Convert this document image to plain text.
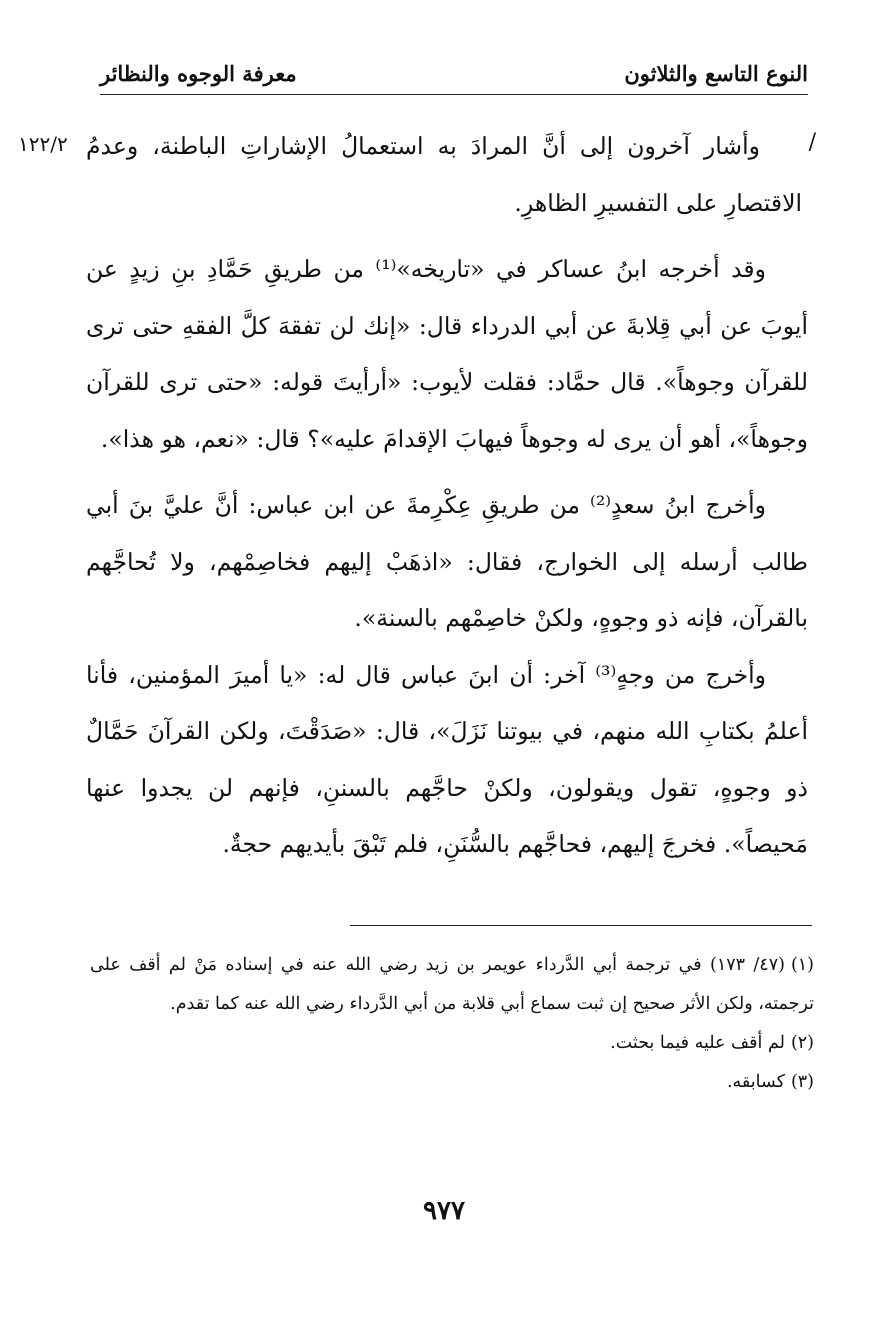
النوع التاسع والثلاثون
معرفة الوجوه والنظائر
/
١٢٢/٢ وأشار آخرون إلى أنَّ المرادَ به استعمالُ الإشاراتِ الباطنة، وعدمُ الاقتصارِ على التفسيرِ الظاهرِ.

وقد أخرجه ابنُ عساكر في «تاريخه»⁽¹⁾ من طريقِ حَمَّادِ بنِ زيدٍ عن أيوبَ عن أبي قِلابةَ عن أبي الدرداء قال: «إنك لن تفقهَ كلَّ الفقهِ حتى ترى للقرآن وجوهاً». قال حمَّاد: فقلت لأيوب: «أرأيتَ قوله: «حتى ترى للقرآن وجوهاً»، أهو أن يرى له وجوهاً فيهابَ الإقدامَ عليه»؟ قال: «نعم، هو هذا».

وأخرج ابنُ سعدٍ⁽²⁾ من طريقِ عِكْرِمةَ عن ابن عباس: أنَّ عليَّ بنَ أبي طالب أرسله إلى الخوارج، فقال: «اذهَبْ إليهم فخاصِمْهم، ولا تُحاجَّهم بالقرآن، فإنه ذو وجوهٍ، ولكنْ خاصِمْهم بالسنة».

وأخرج من وجهٍ⁽³⁾ آخر: أن ابنَ عباس قال له: «يا أميرَ المؤمنين، فأنا أعلمُ بكتابِ الله منهم، في بيوتنا نَزَلَ»، قال: «صَدَقْتَ، ولكن القرآنَ حَمَّالٌ ذو وجوهٍ، تقول ويقولون، ولكنْ حاجَّهم بالسننِ، فإنهم لن يجدوا عنها مَحيصاً». فخرجَ إليهم، فحاجَّهم بالسُّنَنِ، فلم تَبْقَ بأيديهم حجةٌ.

(١)(٤٧/ ١٧٣) في ترجمة أبي الدَّرداء عويمر بن زيد رضي الله عنه في إسناده مَنْ لم أقف على ترجمته، ولكن الأثر صحيح إن ثبت سماع أبي قلابة من أبي الدَّرداء رضي الله عنه كما تقدم.

(٢)لم أقف عليه فيما بحثت.

(٣)كسابقه.

٩٧٧
